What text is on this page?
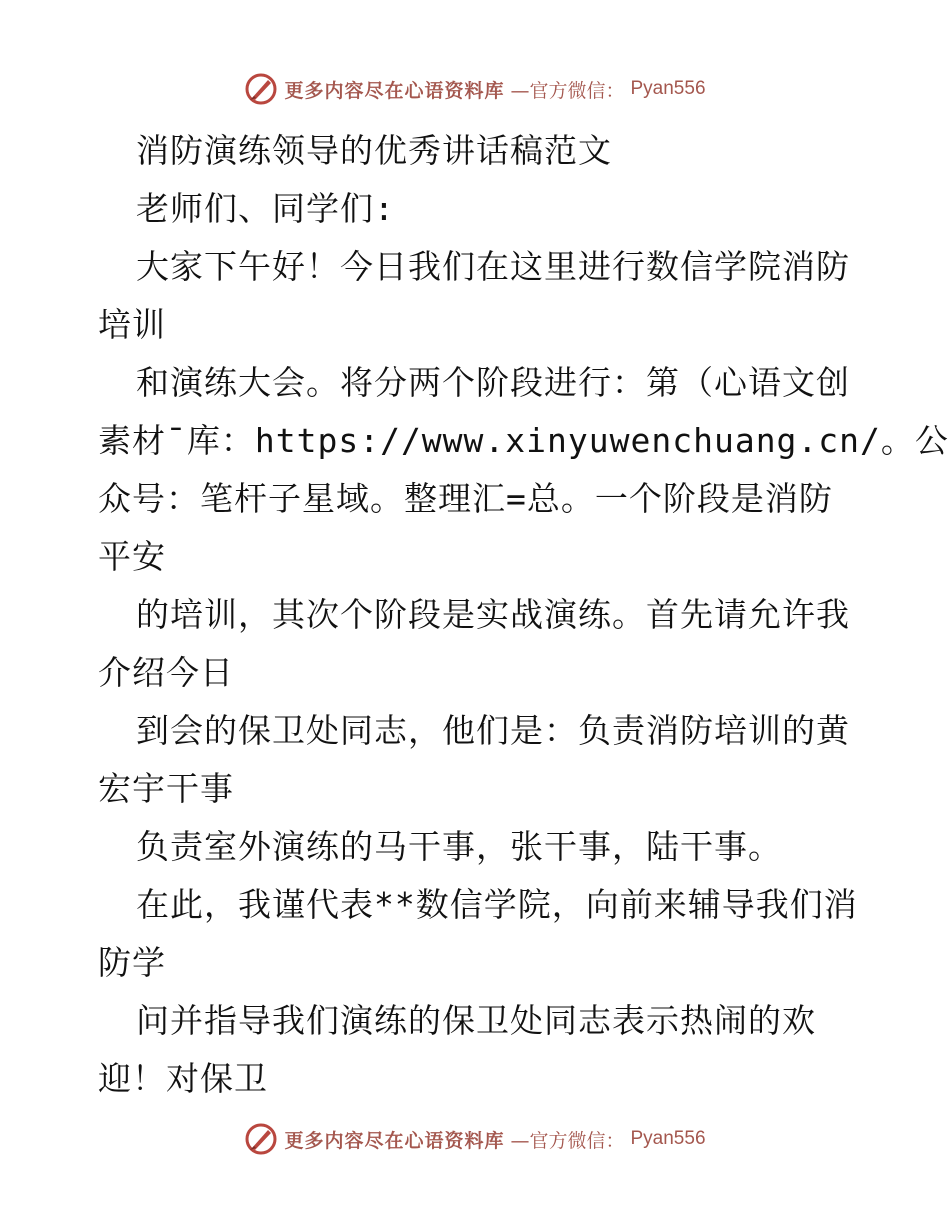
更多内容尽在心语资料库 —官方微信： Pyan556
消防演练领导的优秀讲话稿范文
老师们、同学们:
大家下午好！今日我们在这里进行数信学院消防
培训
和演练大会。将分两个阶段进行：第（心语文创
素材¯库：https://www.xinyuwenchuang.cn/。公
众号：笔杆子星域。整理汇=总。一个阶段是消防
平安
的培训，其次个阶段是实战演练。首先请允许我
介绍今日
到会的保卫处同志，他们是：负责消防培训的黄
宏宇干事
负责室外演练的马干事，张干事，陆干事。
在此，我谨代表**数信学院，向前来辅导我们消
防学
问并指导我们演练的保卫处同志表示热闹的欢
迎！对保卫
更多内容尽在心语资料库 —官方微信： Pyan556
